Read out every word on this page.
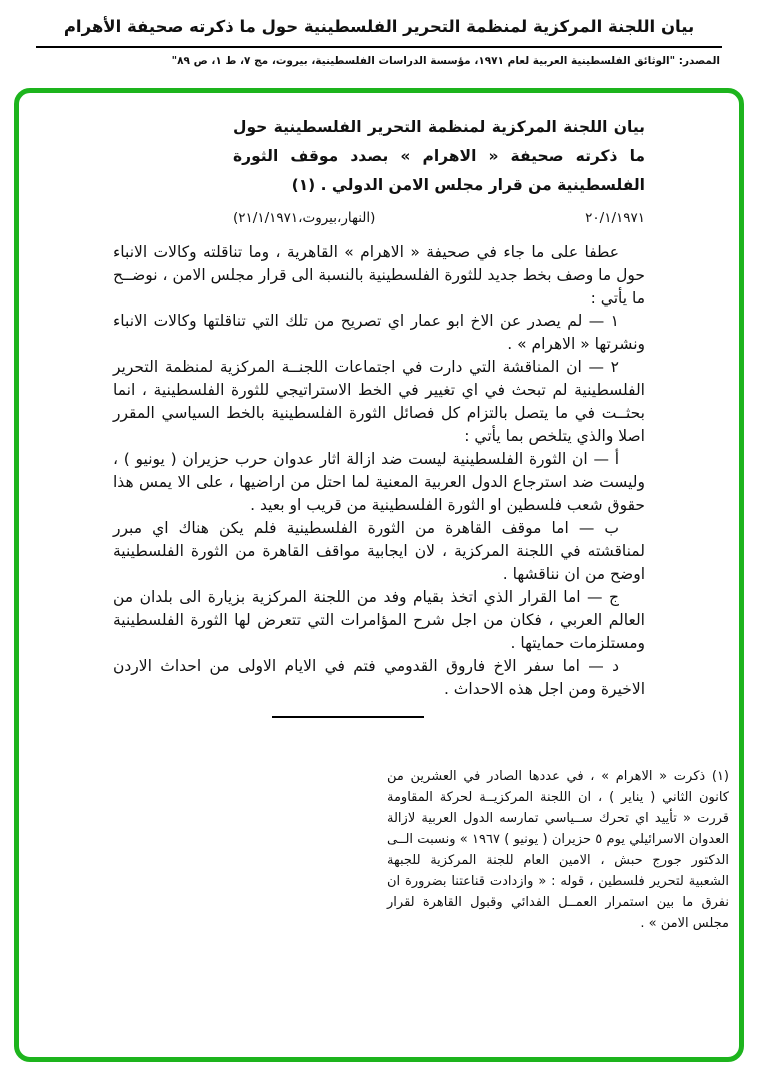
بيان اللجنة المركزية لمنظمة التحرير الفلسطينية حول ما ذكرته صحيفة الأهرام
المصدر: "الوثائق الفلسطينية العربية لعام ١٩٧١، مؤسسة الدراسات الفلسطينية، بيروت، مج ٧، ط ١، ص ٨٩"
بيان اللجنة المركزية لمنظمة التحرير الفلسطينية حول ما ذكرته صحيفة « الاهرام » بصدد موقف الثورة الفلسطينية من قرار مجلس الامن الدولي . (١)
٢٠/١/١٩٧١
(النهار،بيروت،٢١/١/١٩٧١)

عطفا على ما جاء في صحيفة « الاهرام » القاهرية ، وما تناقلته وكالات الانباء حول ما وصف بخط جديد للثورة الفلسطينية بالنسبة الى قرار مجلس الامن ، نوضــح ما يأتي :

١ — لم يصدر عن الاخ ابو عمار اي تصريح من تلك التي تناقلتها وكالات الانباء ونشرتها « الاهرام » .

٢ — ان المناقشة التي دارت في اجتماعات اللجنــة المركزية لمنظمة التحرير الفلسطينية لم تبحث في اي تغيير في الخط الاستراتيجي للثورة الفلسطينية ، انما بحثــت في ما يتصل بالتزام كل فصائل الثورة الفلسطينية بالخط السياسي المقرر اصلا والذي يتلخص بما يأتي :

أ — ان الثورة الفلسطينية ليست ضد ازالة اثار عدوان حرب حزيران ( يونيو ) ، وليست ضد استرجاع الدول العربية المعنية لما احتل من اراضيها ، على الا يمس هذا حقوق شعب فلسطين او الثورة الفلسطينية من قريب او بعيد .

ب — اما موقف القاهرة من الثورة الفلسطينية فلم يكن هناك اي مبرر لمناقشته في اللجنة المركزية ، لان ايجابية مواقف القاهرة من الثورة الفلسطينية اوضح من ان نناقشها .

ج — اما القرار الذي اتخذ بقيام وفد من اللجنة المركزية بزيارة الى بلدان من العالم العربي ، فكان من اجل شرح المؤامرات التي تتعرض لها الثورة الفلسطينية ومستلزمات حمايتها .

د — اما سفر الاخ فاروق القدومي فتم في الايام الاولى من احداث الاردن الاخيرة ومن اجل هذه الاحداث .

(١) ذكرت « الاهرام » ، في عددها الصادر في العشرين من كانون الثاني ( يناير ) ، ان اللجنة المركزيــة لحركة المقاومة قررت « تأييد اي تحرك ســياسي تمارسه الدول العربية لازالة العدوان الاسرائيلي يوم ٥ حزيران ( يونيو ) ١٩٦٧ » ونسبت الــى الدكتور جورج حبش ، الامين العام للجنة المركزية للجبهة الشعبية لتحرير فلسطين ، قوله : « وازدادت قناعتنا بضرورة ان نفرق ما بين استمرار العمــل الفدائي وقبول القاهرة لقرار مجلس الامن » .
